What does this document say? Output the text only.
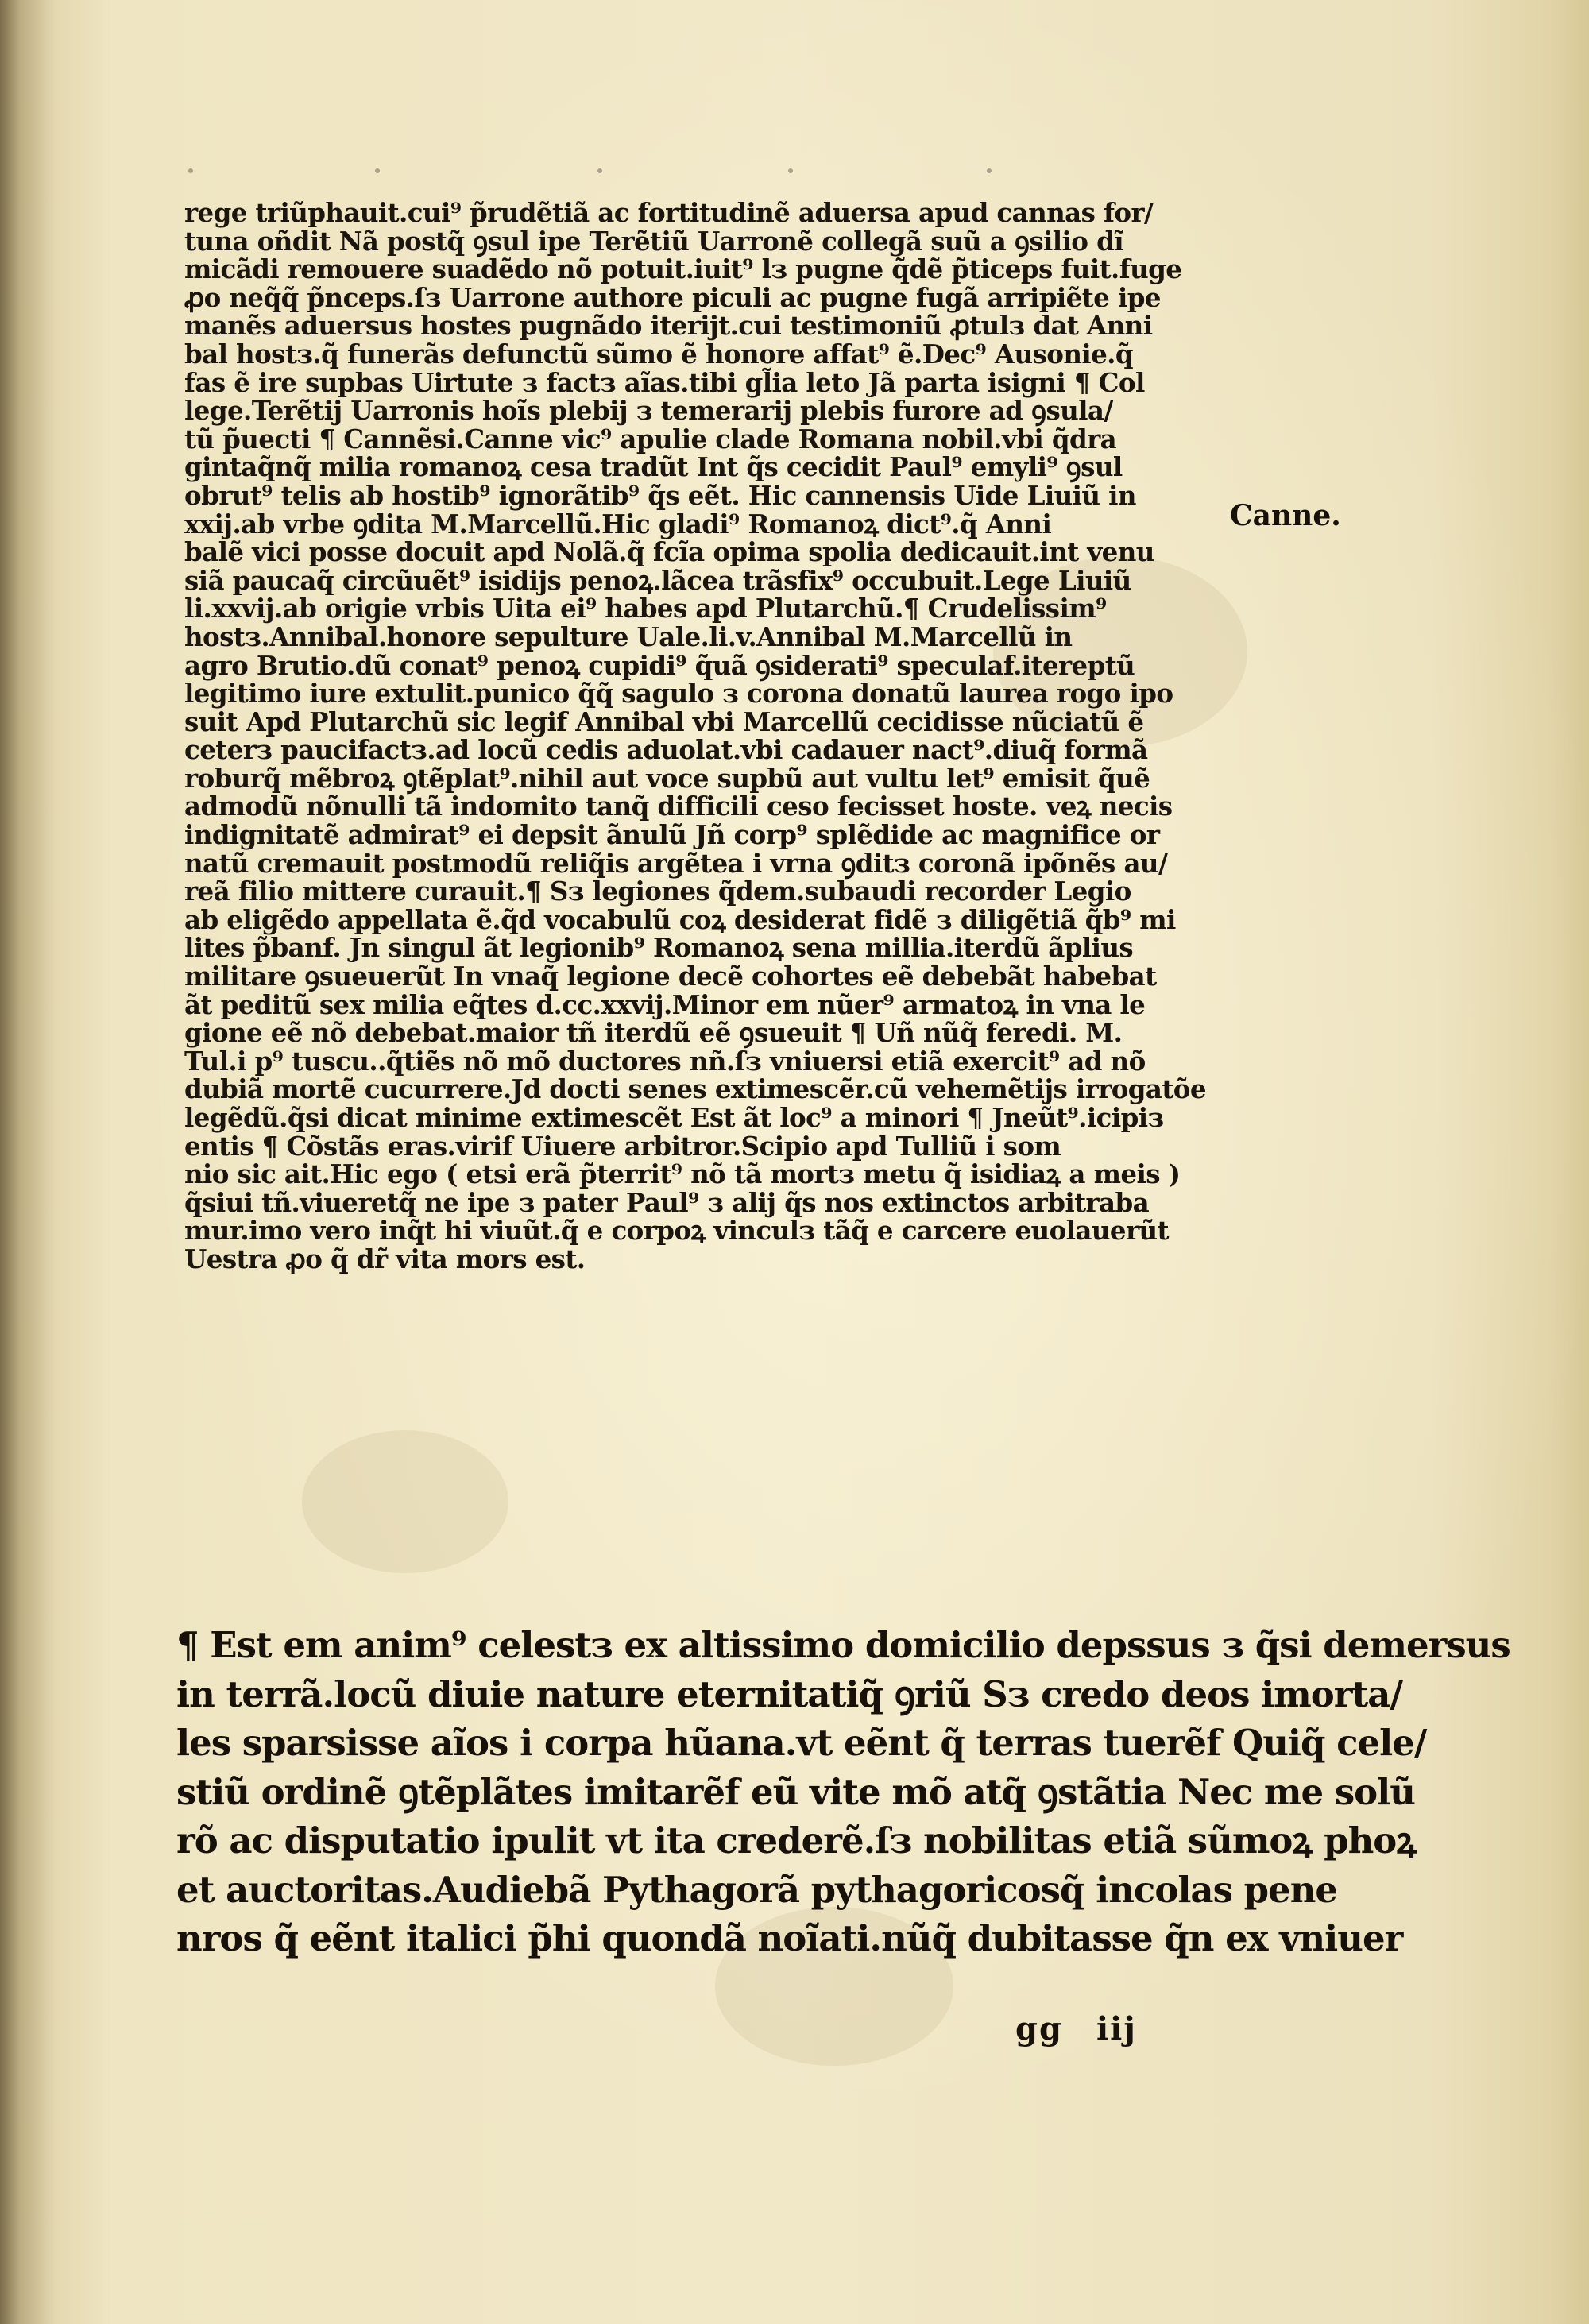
rege triũphauit.cui⁹ p̃rudẽtiã ac fortitudinẽ aduersa apud cannas for/
tuna oñdit Nã postq̃ ꝯsul ipe Terẽtiũ Uarronẽ collegã suũ a ꝯsilio dĩ
micãdi remouere suadẽdo nõ potuit.iuit⁹ lз pugne q̃dẽ p̃ticeps fuit.fuge
ꝓo neq̃q̃ p̃nceps.ſз Uarrone authore piculi ac pugne fugã arripiẽte ipe
manẽs aduersus hostes pugnãdo iterijt.cui testimoniũ ꝓtulз dat Anni
bal hostз.q̃ funerãs defunctũ sũmo ẽ honore affat⁹ ẽ.Dec⁹ Ausonie.q̃
fas ẽ ire supbas Uirtute з factз aĩas.tibi gl̃ia leto Jã parta isigni ¶ Col
lege.Terẽtij Uarronis hoĩs plebij з temerarij plebis furore ad ꝯsula/
tũ p̃uecti ¶ Cannẽsi.Canne vic⁹ apulie clade Romana nobil.vbi q̃dra
gintaq̃nq̃ milia romanoꝝ cesa tradũt Int q̃s cecidit Paul⁹ emyli⁹ ꝯsul
obrut⁹ telis ab hostib⁹ ignorãtib⁹ q̃s eẽt. Hic cannensis Uide Liuiũ in
xxij.ab vrbe ꝯdita M.Marcellũ.Hic gladi⁹ Romanoꝝ dict⁹.q̃ Anni
balẽ vici posse docuit apd Nolã.q̃ fcĩa opima spolia dedicauit.int venu
siã paucaq̃ circũuẽt⁹ isidijs penoꝝ.lãcea trãsfix⁹ occubuit.Lege Liuiũ
li.xxvij.ab origie vrbis Uita ei⁹ habes apd Plutarchũ.¶ Crudelissim⁹
hostз.Annibal.honore sepulture Uale.li.v.Annibal M.Marcellũ in
agro Brutio.dũ conat⁹ penoꝝ cupidi⁹ q̃uã ꝯsiderati⁹ speculaf.itereptũ
legitimo iure extulit.punico q̃q̃ sagulo з corona donatũ laurea rogo ipo
suit Apd Plutarchũ sic legif Annibal vbi Marcellũ cecidisse nũciatũ ẽ
ceterз paucifactз.ad locũ cedis aduolat.vbi cadauer nact⁹.diuq̃ formã
roburq̃ mẽbroꝝ ꝯtẽplat⁹.nihil aut voce supbũ aut vultu let⁹ emisit q̃uẽ
admodũ nõnulli tã indomito tanq̃ difficili ceso fecisset hoste. veꝝ necis
indignitatẽ admirat⁹ ei depsit ãnulũ Jñ corp⁹ splẽdide ac magnifice or
natũ cremauit postmodũ reliq̃is argẽtea i vrna ꝯditз coronã ipõnẽs au/
reã filio mittere curauit.¶ Sз legiones q̃dem.subaudi recorder Legio
ab eligẽdo appellata ẽ.q̃d vocabulũ coꝝ desiderat fidẽ з diligẽtiã q̃b⁹ mi
lites p̃banf. Jn singul ãt legionib⁹ Romanoꝝ sena millia.iterdũ ãplius
militare ꝯsueuerũt In vnaq̃ legione decẽ cohortes eẽ debebãt habebat
ãt peditũ sex milia eq̃tes d.cc.xxvij.Minor em nũer⁹ armatoꝝ in vna le
gione eẽ nõ debebat.maior tñ iterdũ eẽ ꝯsueuit ¶ Uñ nũq̃ feredi. M.
Tul.i p⁹ tuscu..q̃tiẽs nõ mõ ductores nñ.ſз vniuersi etiã exercit⁹ ad nõ
dubiã mortẽ cucurrere.Jd docti senes extimescẽr.cũ vehemẽtijs irrogatõe
legẽdũ.q̃si dicat minime extimescẽt Est ãt loc⁹ a minori ¶ Jneũt⁹.icipiз
entis ¶ Cõstãs eras.virif Uiuere arbitror.Scipio apd Tulliũ i som
nio sic ait.Hic ego ( etsi erã p̃territ⁹ nõ tã mortз metu q̃ isidiaꝝ a meis )
q̃siui tñ.viueretq̃ ne ipe з pater Paul⁹ з alij q̃s nos extinctos arbitraba
mur.imo vero inq̃t hi viuũt.q̃ e corpoꝝ vinculз tãq̃ e carcere euolauerũt
Uestra ꝓo q̃ dr̃ vita mors est.
Canne.
¶ Est em anim⁹ celestз ex altissimo domicilio depssus з q̃si demersus
in terrã.locũ diuie nature eternitatiq̃ ꝯriũ Sз credo deos imorta/
les sparsisse aĩos i corpa hũana.vt eẽnt q̃ terras tuerẽf Quiq̃ cele/
stiũ ordinẽ ꝯtẽplãtes imitarẽf eũ vite mõ atq̃ ꝯstãtia Nec me solũ
rõ ac disputatio ipulit vt ita crederẽ.ſз nobilitas etiã sũmoꝝ phoꝝ
et auctoritas.Audiebã Pythagorã pythagoricosq̃ incolas pene
nros q̃ eẽnt italici p̃hi quondã noĩati.nũq̃ dubitasse q̃n ex vniuer
gg iij
